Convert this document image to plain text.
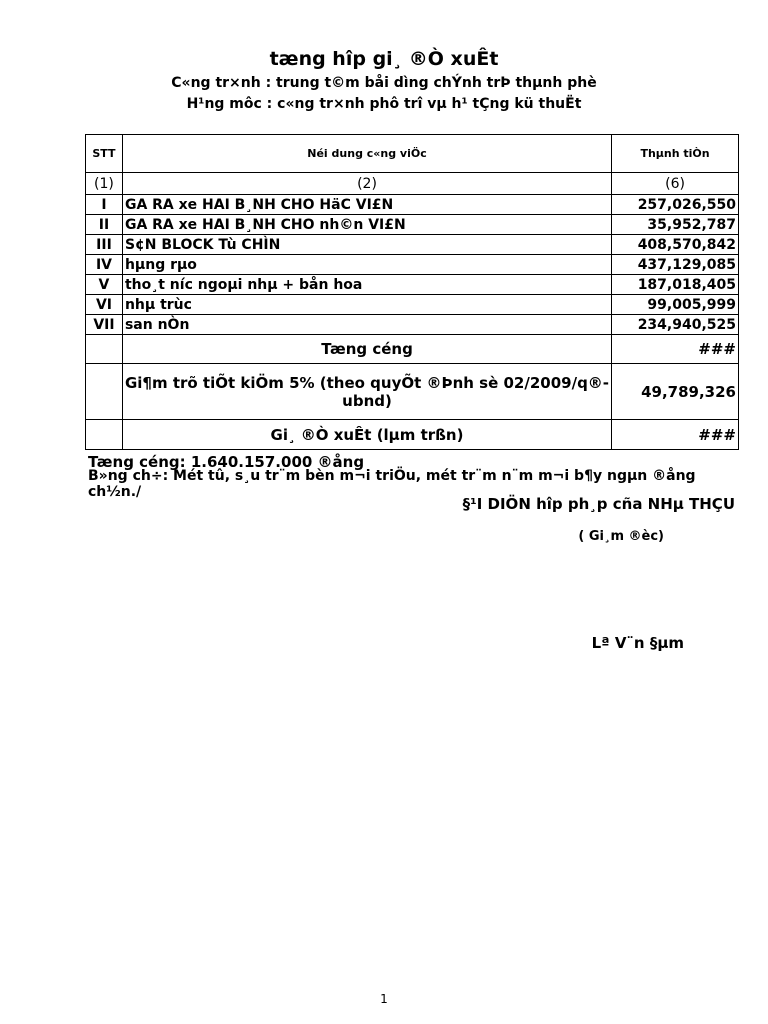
tæng hîp gi¸ ®Ò xuÊt
C«ng tr×nh : trung t©m båi dìng chÝnh trÞ thµnh phè
H¹ng môc : c«ng tr×nh phô trî vµ h¹ tÇng kü thuËt
STT	Néi dung c«ng viÖc	Thµnh tiÒn
(1)	(2)	(6)
I	GA RA xe HAI B¸NH CHO HäC VI£N	257,026,550
II	GA RA xe HAI B¸NH CHO nh©n VI£N	35,952,787
III	S¢N BLOCK Tù CHÌN	408,570,842
IV	hµng rµo	437,129,085
V	tho¸t níc ngoµi nhµ + bån hoa	187,018,405
VI	nhµ trùc	99,005,999
VII	san nÒn	234,940,525
	Tæng céng	###
	Gi¶m trõ tiÕt kiÖm 5% (theo quyÕt ®Þnh sè 02/2009/q®-ubnd)	49,789,326
	Gi¸ ®Ò xuÊt (lµm trßn)	###
B»ng ch÷: Mét tû, s¸u tr¨m bèn m¬i triÖu, mét tr¨m n¨m m¬i b¶y ngµn ®ång ch½n./
Tæng céng: 1.640.157.000 ®ång
§¹I DIÖN hîp ph¸p cña NHµ THÇU
( Gi¸m ®èc)
Lª V¨n §µm
1
